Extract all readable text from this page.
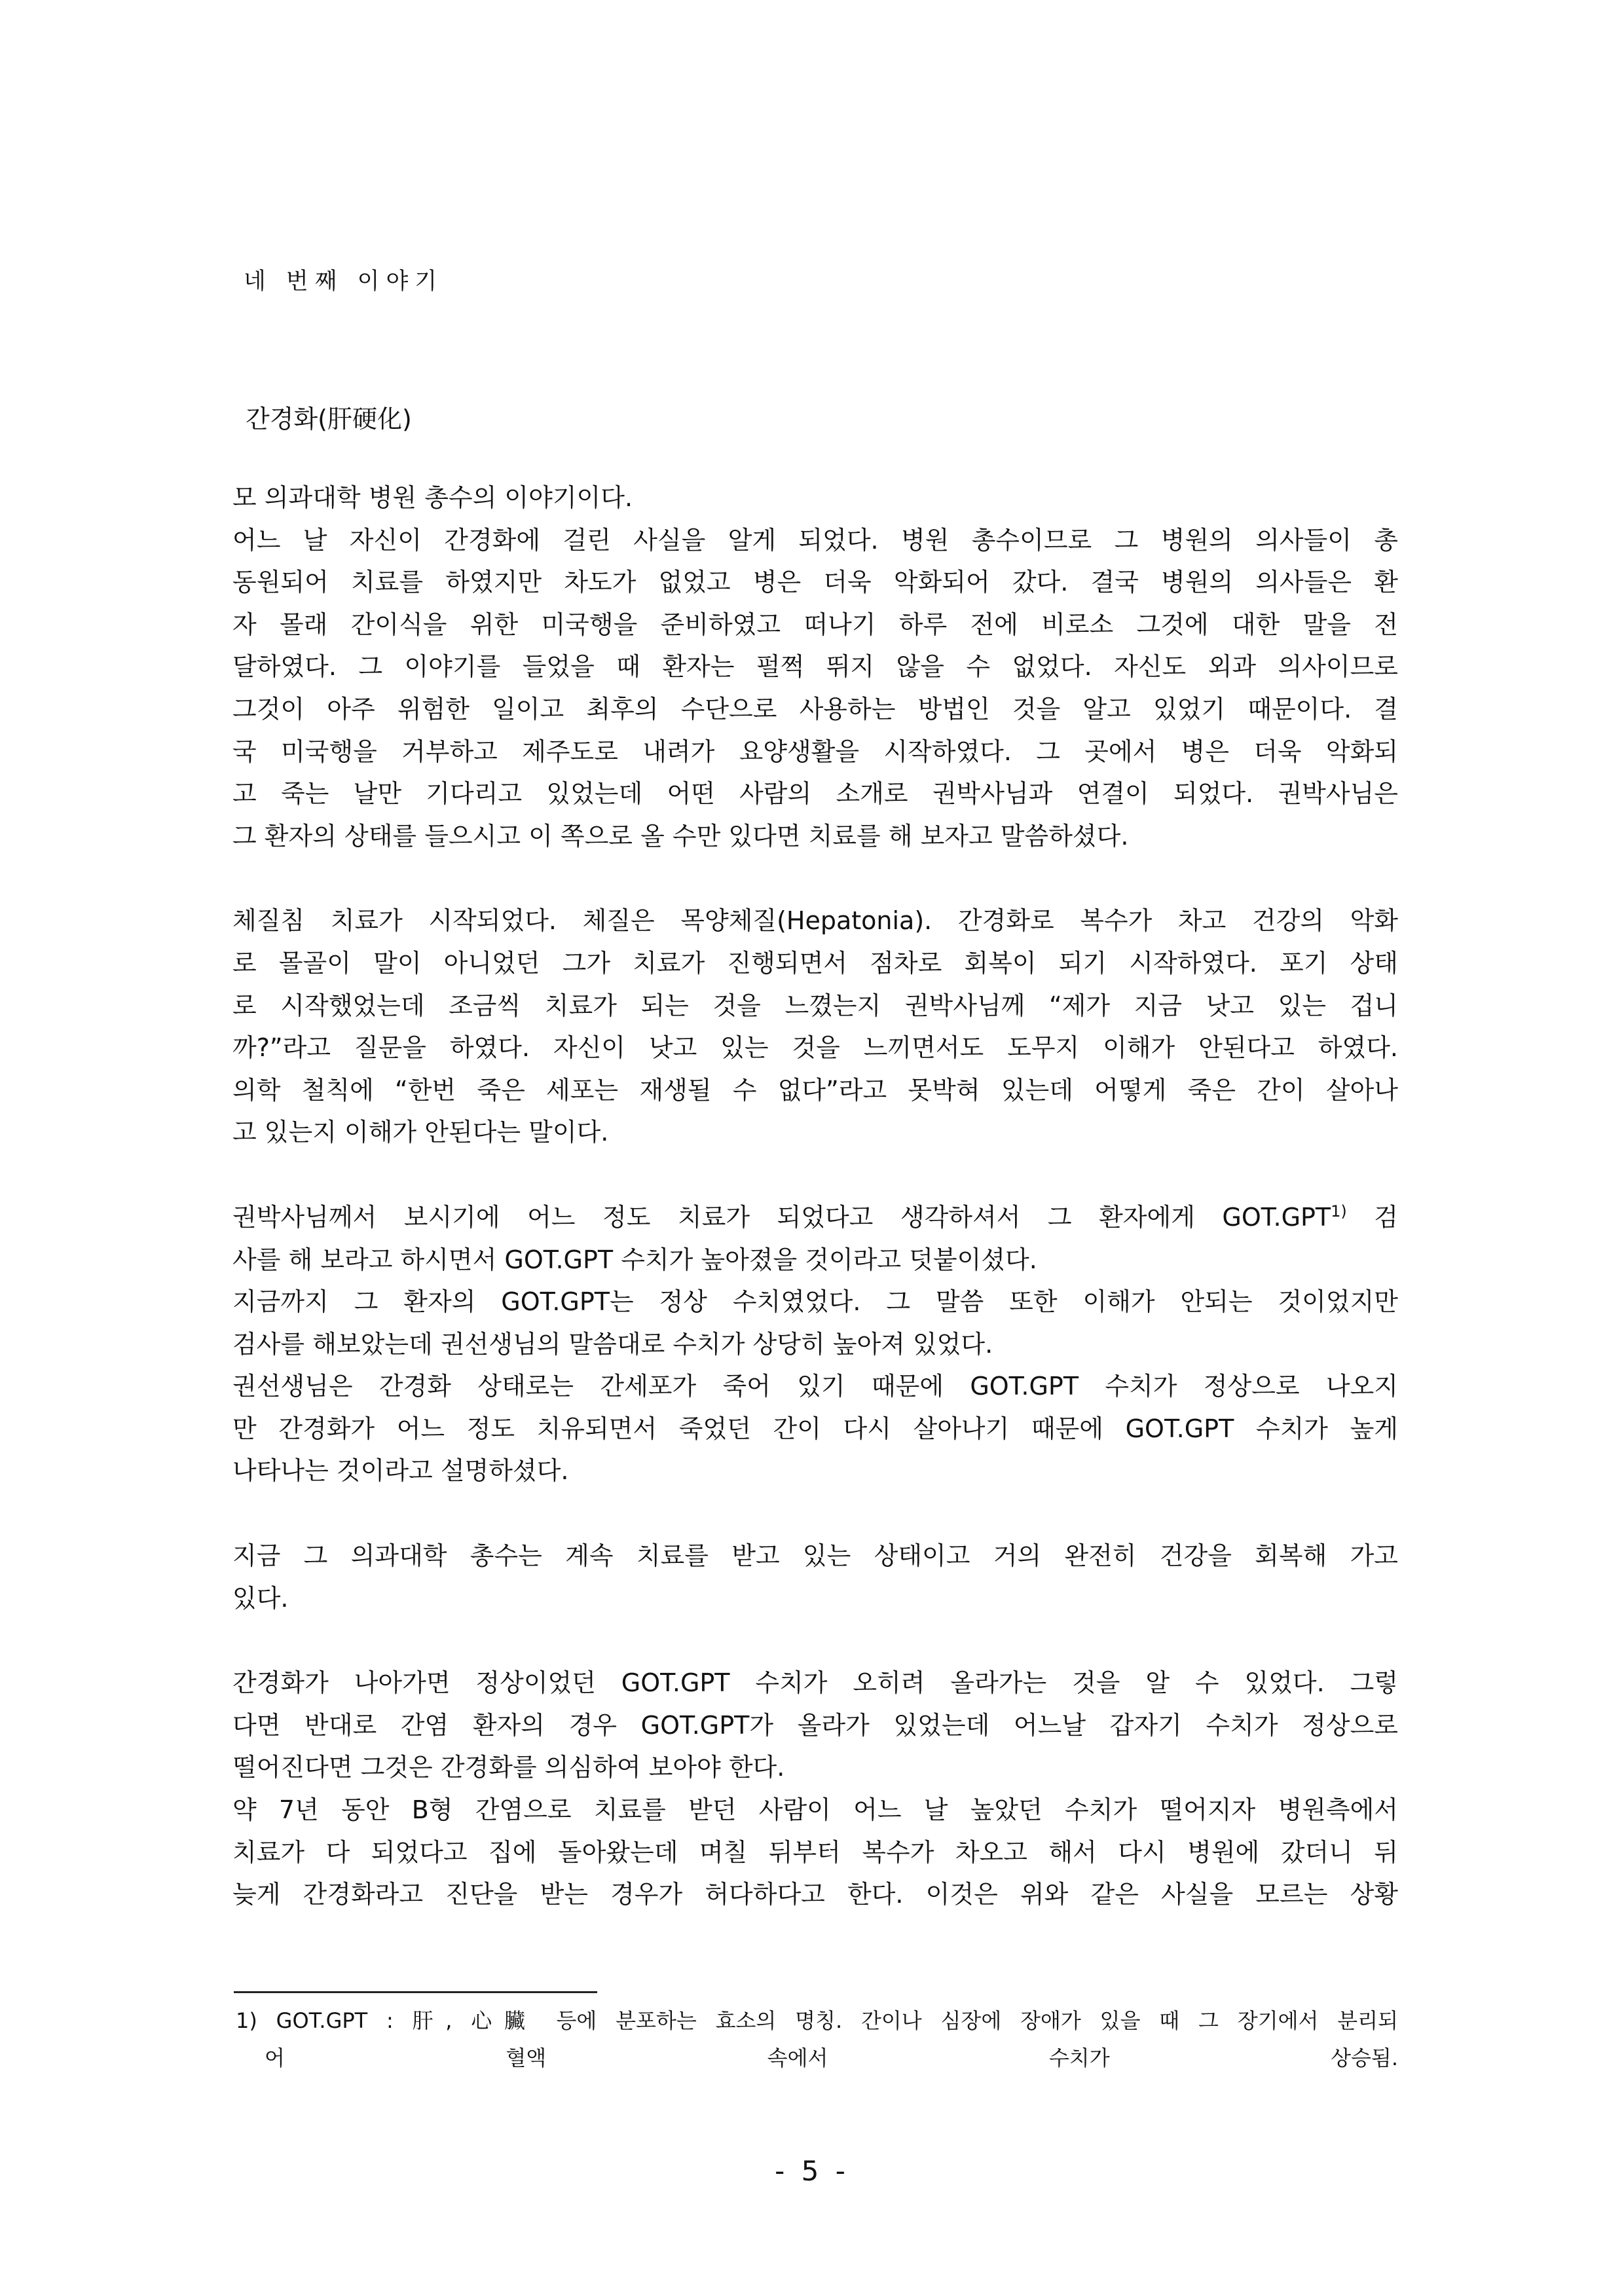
네 번째 이야기
간경화(肝硬化)

모 의과대학 병원 총수의 이야기이다.

어느 날 자신이 간경화에 걸린 사실을 알게 되었다. 병원 총수이므로 그 병원의 의사들이 총
동원되어 치료를 하였지만 차도가 없었고 병은 더욱 악화되어 갔다. 결국 병원의 의사들은 환
자 몰래 간이식을 위한 미국행을 준비하였고 떠나기 하루 전에 비로소 그것에 대한 말을 전
달하였다. 그 이야기를 들었을 때 환자는 펄쩍 뛰지 않을 수 없었다. 자신도 외과 의사이므로
그것이 아주 위험한 일이고 최후의 수단으로 사용하는 방법인 것을 알고 있었기 때문이다. 결
국 미국행을 거부하고 제주도로 내려가 요양생활을 시작하였다. 그 곳에서 병은 더욱 악화되
고 죽는 날만 기다리고 있었는데 어떤 사람의 소개로 권박사님과 연결이 되었다. 권박사님은
그 환자의 상태를 들으시고 이 쪽으로 올 수만 있다면 치료를 해 보자고 말씀하셨다.

체질침 치료가 시작되었다. 체질은 목양체질(Hepatonia). 간경화로 복수가 차고 건강의 악화
로 몰골이 말이 아니었던 그가 치료가 진행되면서 점차로 회복이 되기 시작하였다. 포기 상태
로 시작했었는데 조금씩 치료가 되는 것을 느꼈는지 권박사님께 “제가 지금 낫고 있는 겁니
까?”라고 질문을 하였다. 자신이 낫고 있는 것을 느끼면서도 도무지 이해가 안된다고 하였다.
의학 철칙에 “한번 죽은 세포는 재생될 수 없다”라고 못박혀 있는데 어떻게 죽은 간이 살아나
고 있는지 이해가 안된다는 말이다.

권박사님께서 보시기에 어느 정도 치료가 되었다고 생각하셔서 그 환자에게 GOT.GPT$^{1)}$ 검
사를 해 보라고 하시면서 GOT.GPT 수치가 높아졌을 것이라고 덧붙이셨다.

지금까지 그 환자의 GOT.GPT는 정상 수치였었다. 그 말씀 또한 이해가 안되는 것이었지만
검사를 해보았는데 권선생님의 말씀대로 수치가 상당히 높아져 있었다.

권선생님은 간경화 상태로는 간세포가 죽어 있기 때문에 GOT.GPT 수치가 정상으로 나오지
만 간경화가 어느 정도 치유되면서 죽었던 간이 다시 살아나기 때문에 GOT.GPT 수치가 높게
나타나는 것이라고 설명하셨다.

지금 그 의과대학 총수는 계속 치료를 받고 있는 상태이고 거의 완전히 건강을 회복해 가고
있다.

간경화가 나아가면 정상이었던 GOT.GPT 수치가 오히려 올라가는 것을 알 수 있었다. 그렇
다면 반대로 간염 환자의 경우 GOT.GPT가 올라가 있었는데 어느날 갑자기 수치가 정상으로
떨어진다면 그것은 간경화를 의심하여 보아야 한다.

약 7년 동안 B형 간염으로 치료를 받던 사람이 어느 날 높았던 수치가 떨어지자 병원측에서
치료가 다 되었다고 집에 돌아왔는데 며칠 뒤부터 복수가 차오고 해서 다시 병원에 갔더니 뒤
늦게 간경화라고 진단을 받는 경우가 허다하다고 한다. 이것은 위와 같은 사실을 모르는 상황

1) GOT.GPT : 肝, 心臟 등에 분포하는 효소의 명칭. 간이나 심장에 장애가 있을 때 그 장기에서 분리되
어 혈액 속에서 수치가 상승됨.
- 5 -
